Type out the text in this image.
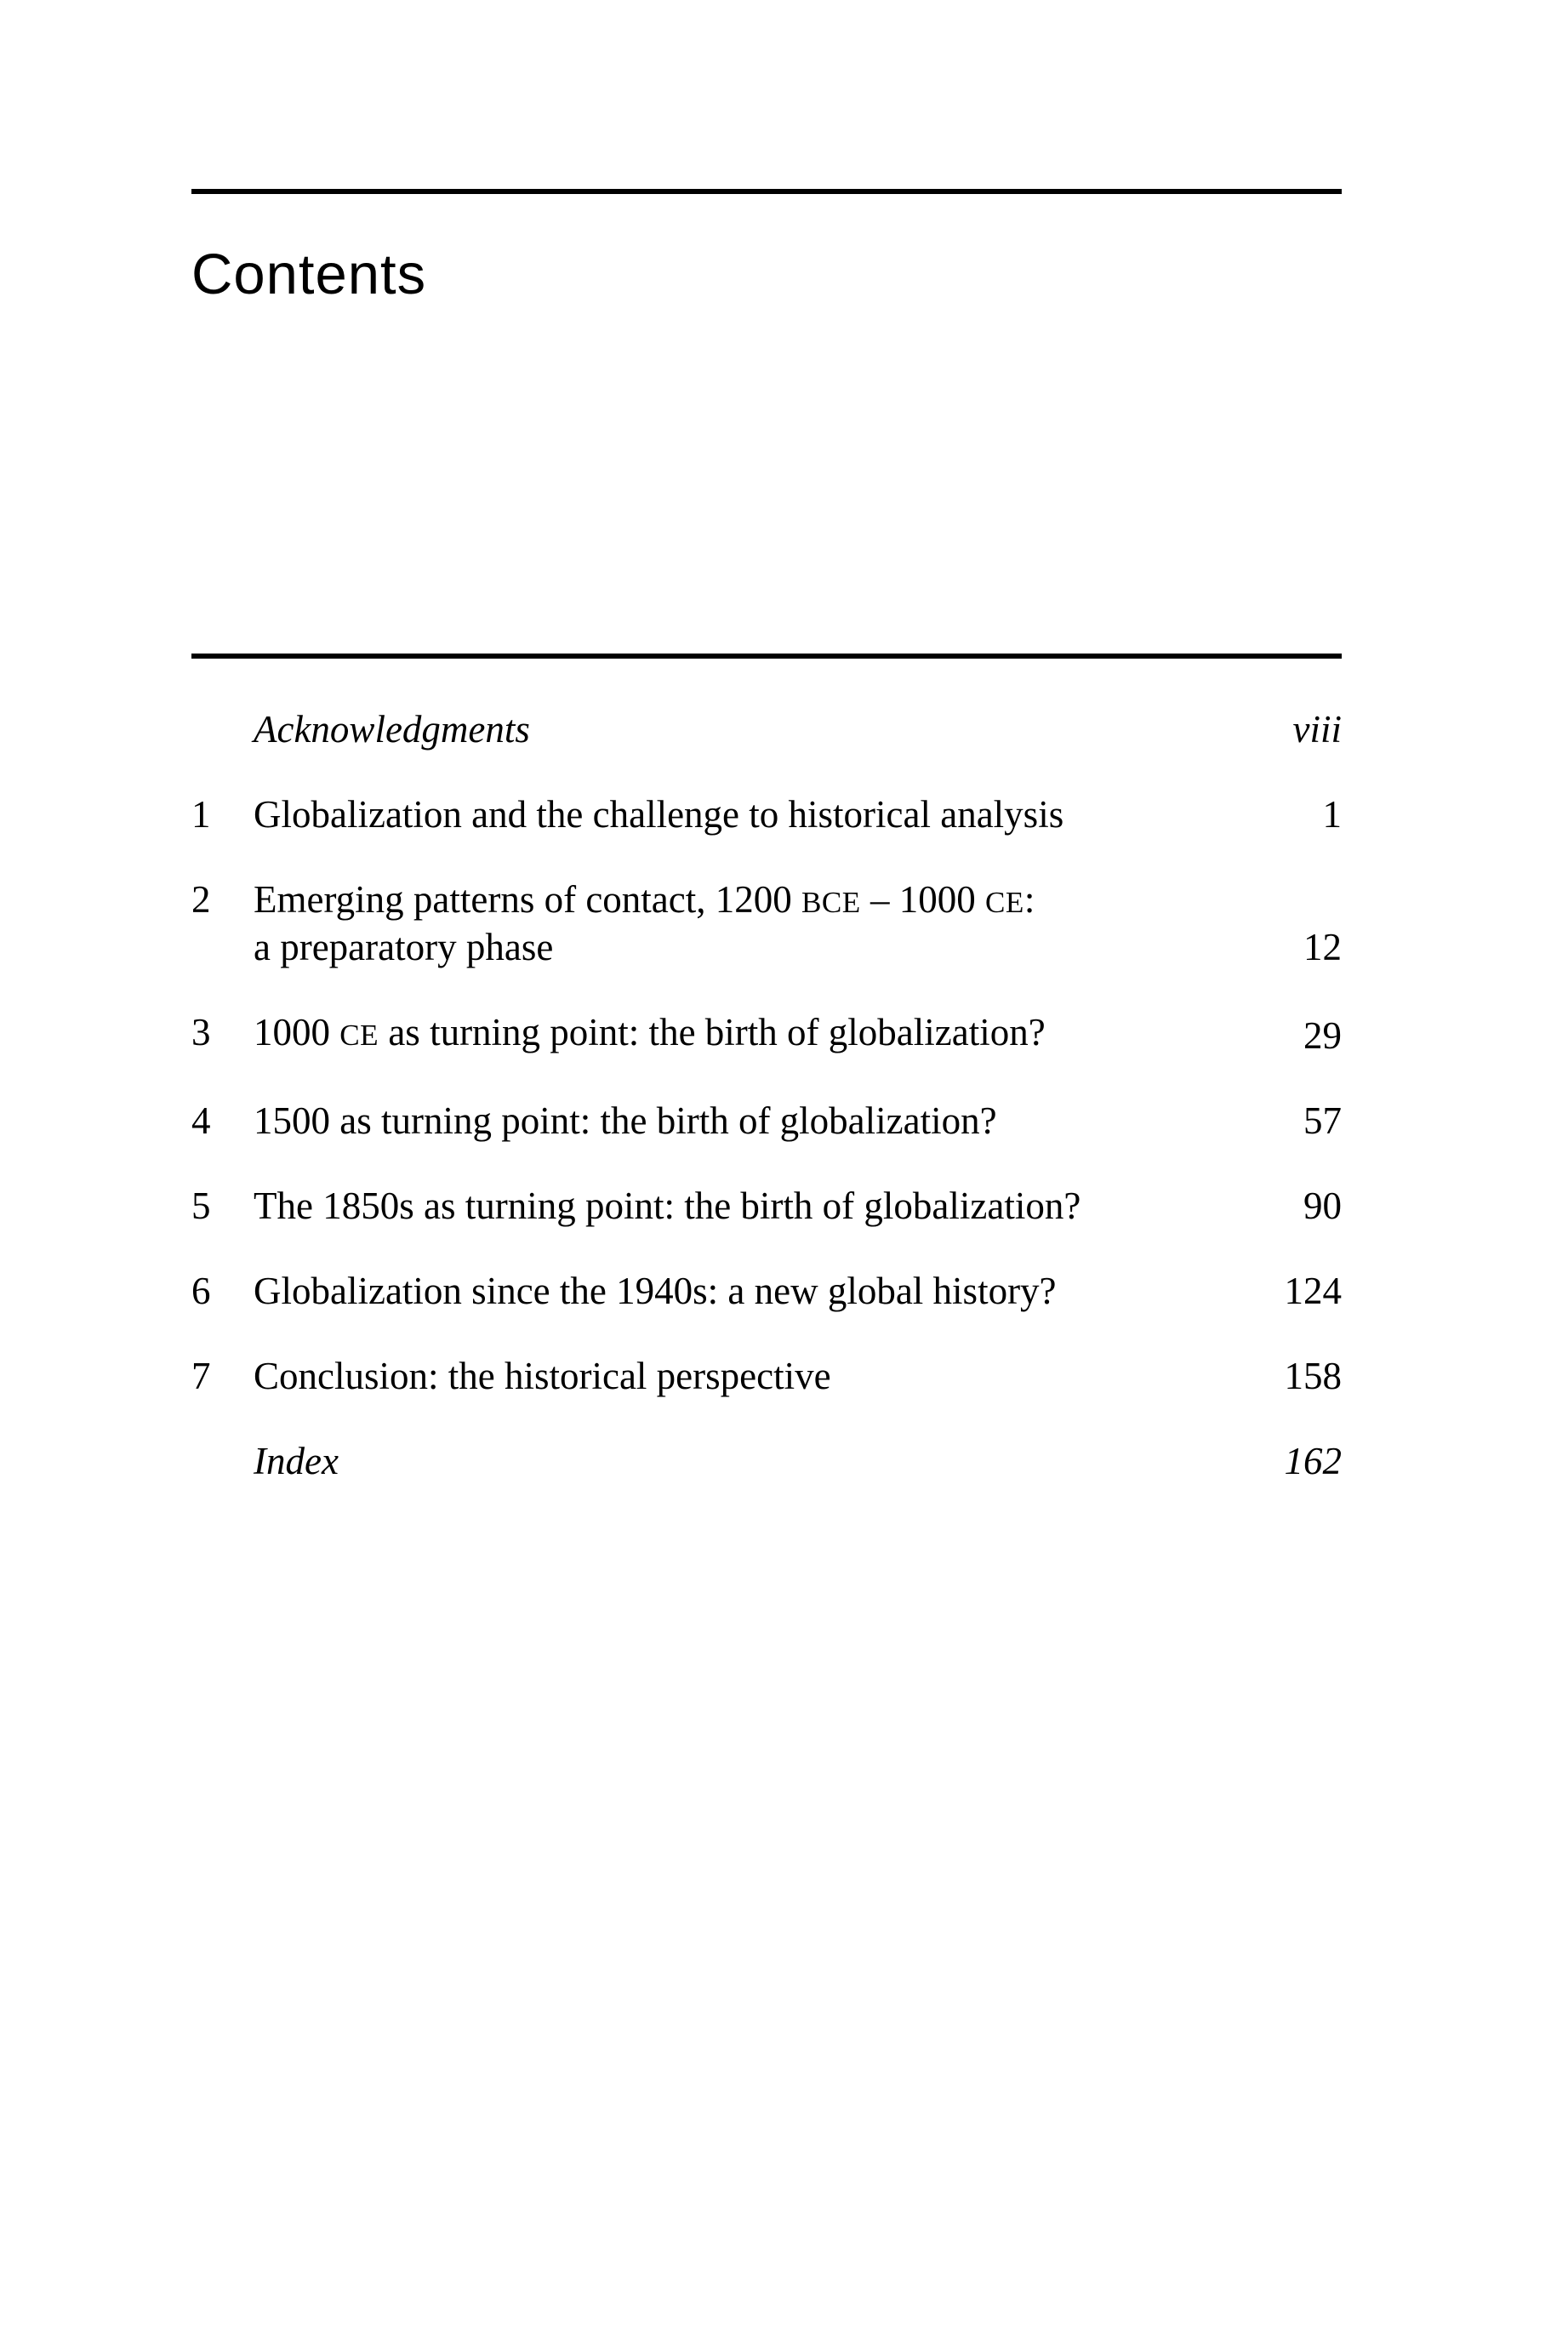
Contents
Acknowledgments	viii
1	Globalization and the challenge to historical analysis	1
2	Emerging patterns of contact, 1200 BCE – 1000 CE:
a preparatory phase	12
3	1000 CE as turning point: the birth of globalization?	29
4	1500 as turning point: the birth of globalization?	57
5	The 1850s as turning point: the birth of globalization?	90
6	Globalization since the 1940s: a new global history?	124
7	Conclusion: the historical perspective	158
Index	162
